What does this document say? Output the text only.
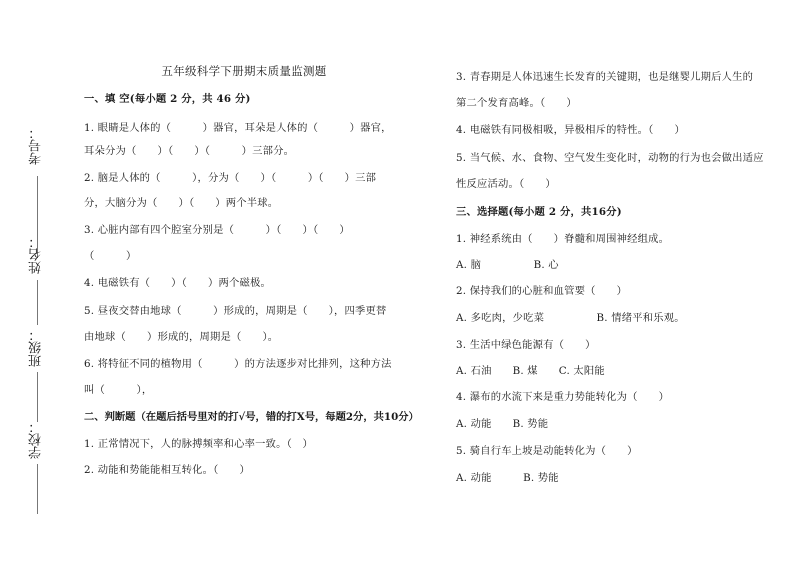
考号：
姓名：
班级：
学校：
五年级科学下册期末质量监测题
一、填 空(每小题 2 分，共 46 分)
1. 眼睛是人体的（　　　）器官，耳朵是人体的（　　　）器官，
耳朵分为（　　）（　　）（　　　）三部分。
2. 脑是人体的（　　　），分为（　　）（　　　）（　　）三部
分，大脑分为（　　）（　　）两个半球。
3. 心脏内部有四个腔室分别是（　　　）（　　）（　　）
（　　　）
4. 电磁铁有（　　）（　　）两个磁极。
5. 昼夜交替由地球（　　　）形成的，周期是（　　），四季更替
由地球（　　）形成的，周期是（　　）。
6. 将特征不同的植物用（　　　）的方法逐步对比排列，这种方法
叫（　　　），
二、判断题（在题后括号里对的打√号，错的打X号，每题2分，共10分）
1. 正常情况下，人的脉搏频率和心率一致。（　）
2. 动能和势能能相互转化。（　　）
3. 青春期是人体迅速生长发育的关键期，也是继婴儿期后人生的
第二个发育高峰。（　　）
4. 电磁铁有同极相吸，异极相斥的特性。（　　）
5. 当气候、水、食物、空气发生变化时，动物的行为也会做出适应
性反应活动。（　　）
三、选择题(每小题 2 分，共16分)
1. 神经系统由（　　）脊髓和周围神经组成。
A. 脑　　　　　B. 心
2. 保持我们的心脏和血管要（　　）
A. 多吃肉，少吃菜　　　　　B. 情绪平和乐观。
3. 生活中绿色能源有（　　）
A. 石油　　B. 煤　　C. 太阳能
4. 瀑布的水流下来是重力势能转化为（　　）
A. 动能　　B. 势能
5. 骑自行车上坡是动能转化为（　　）
A. 动能　　　B. 势能
